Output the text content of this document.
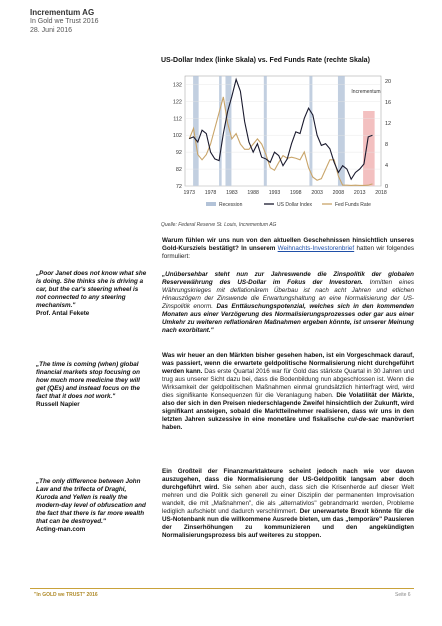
Incrementum AG
In Gold we Trust 2016
28. Juni 2016
US-Dollar Index (linke Skala) vs. Fed Funds Rate (rechte Skala)
72
82
92
102
112
122
132
0
4
8
12
16
20
1973 1978 1983 1988 1993 1998 2003 2008 2013 2018
Recession	US Dollar Index	Fed Funds Rate
Incrementum
Quelle: Federal Reserve St. Louis, Incrementum AG
„Poor Janet does not know what she is doing. She thinks she is driving a car, but the car's steering wheel is not connected to any steering mechanism."
Prof. Antal Fekete
„The time is coming (when) global financial markets stop focusing on how much more medicine they will get (QEs) and instead focus on the fact that it does not work."
Russell Napier
„The only difference between John Law and the trifecta of Draghi, Kuroda and Yellen is really the modern-day level of obfuscation and the fact that there is far more wealth that can be destroyed."
Acting-man.com
Warum fühlen wir uns nun von den aktuellen Geschehnissen hinsichtlich unseres Gold-Kursziels bestätigt? In unserem Weihnachts-Investorenbrief hatten wir folgendes formuliert:
„Unübersehbar steht nun zur Jahreswende die Zinspolitik der globalen Reservewährung des US-Dollar im Fokus der Investoren. Inmitten eines Währungskrieges mit deflationärem Überbau ist nach acht Jahren und etlichen Hinauszögern der Zinswende die Erwartungshaltung an eine Normalisierung der US-Zinspolitik enorm. Das Enttäuschungspotenzial, welches sich in den kommenden Monaten aus einer Verzögerung des Normalisierungsprozesses oder gar aus einer Umkehr zu weiteren reflationären Maßnahmen ergeben könnte, ist unserer Meinung nach exorbitant."
Was wir heuer an den Märkten bisher gesehen haben, ist ein Vorgeschmack darauf, was passiert, wenn die erwartete geldpolitische Normalisierung nicht durchgeführt werden kann. Das erste Quartal 2016 war für Gold das stärkste Quartal in 30 Jahren und trug aus unserer Sicht dazu bei, dass die Bodenbildung nun abgeschlossen ist. Wenn die Wirksamkeit der geldpolitischen Maßnahmen einmal grundsätzlich hinterfragt wird, wird dies signifikante Konsequenzen für die Veranlagung haben. Die Volatilität der Märkte, also der sich in den Preisen niederschlagende Zweifel hinsichtlich der Zukunft, wird signifikant ansteigen, sobald die Marktteilnehmer realisieren, dass wir uns in den letzten Jahren sukzessive in eine monetäre und fiskalische cul-de-sac manövriert haben.
Ein Großteil der Finanzmarktakteure scheint jedoch nach wie vor davon auszugehen, dass die Normalisierung der US-Geldpolitik langsam aber doch durchgeführt wird. Sie sehen aber auch, dass sich die Krisenherde auf dieser Welt mehren und die Politik sich generell zu einer Disziplin der permanenten Improvisation wandelt, die mit „Maßnahmen", die als „alternativlos" gebrandmarkt werden, Probleme lediglich aufschiebt und dadurch verschlimmert. Der unerwartete Brexit könnte für die US-Notenbank nun die willkommene Ausrede bieten, um das „temporäre" Pausieren der Zinserhöhungen zu kommunizieren und den angekündigten Normalisierungsprozess bis auf weiteres zu stoppen.
"In GOLD we TRUST" 2016	Seite 6
